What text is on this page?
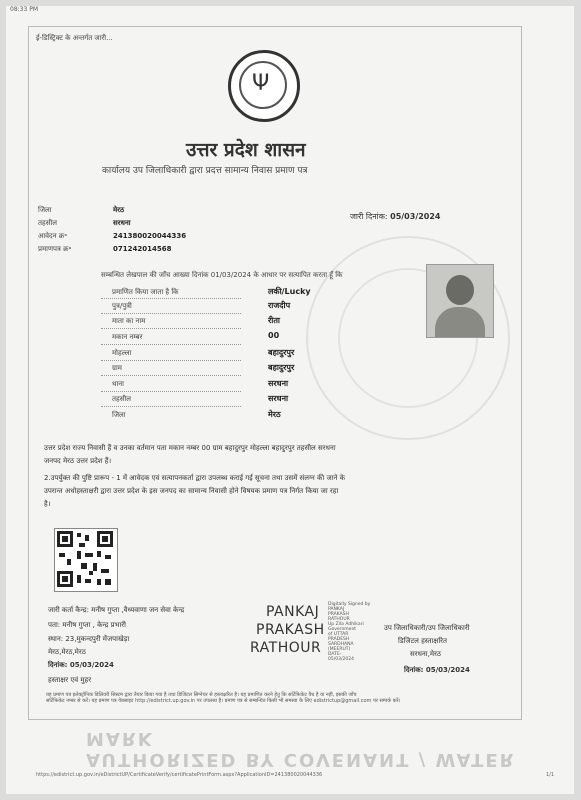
08:33 PM
ई-डिस्ट्रिक्ट के अन्तर्गत जारी...
Ψ
उत्तर प्रदेश शासन
कार्यालय उप जिलाधिकारी द्वारा प्रदत्त सामान्य निवास प्रमाण पत्र
जिला	मेरठ
तहसील	सरधना
आवेदन क्र॰	241380020044336
प्रमाणपत्र क्र॰	071242014568
जारी दिनांक: 05/03/2024
सम्बन्धित लेखपाल की जाँच आख्या दिनांक 01/03/2024 के आधार पर सत्यापित करता हूँ कि
प्रमाणित किया जाता है कि	लकी/Lucky
पुत्र/पुत्री	राजदीप
माता का नाम	रीता
मकान नम्बर	00
मोहल्ला	बहादुरपुर
ग्राम	बहादुरपुर
थाना	सरधना
तहसील	सरधना
जिला	मेरठ
उत्तर प्रदेश राज्य निवासी हैं व उनका वर्तमान पता मकान नम्बर 00 ग्राम बहादुरपुर मोहल्ला बहादुरपुर तहसील सरधना
जनपद मेरठ उत्तर प्रदेश हैं।
2.उपर्युक्त की पुष्टि प्रारूप - 1 में आवेदक एवं सत्यापनकर्ता द्वारा उपलब्ध कराई गई सूचना तथा उसमें संलग्न की जाने के
उपरान्त अधोहस्ताक्षरी द्वारा उत्तर प्रदेश के इस जनपद का सामान्य निवासी होने विषयक प्रमाण पत्र निर्गत किया जा रहा
है।
जारी कर्ता कैन्द्र: मनीष गुप्ता ,वैध्यवाणा जन सेवा केन्द्र
पता: मनीष गुप्ता , केन्द्र प्रभारी
स्थान: 23,मुकन्दपुरी मेंजपाखेड़ा
मेरठ,मेरठ,मेरठ
दिनांक: 05/03/2024
हस्ताक्षर एवं मुहर
PANKAJ
PRAKASH
RATHOUR
Digitally Signed by
PANKAJ
PRAKASH
RATHOUR
Up Zila Adhikari
Government
of UTTAR
PRADESH
SARDHANA
(MEERUT)
DATE-
05/03/2024
उप जिलाधिकारी/उप जिलाधिकारी
डिजिटल हस्ताक्षरित
सरधना,मेरठ
दिनांक: 05/03/2024
यह प्रमाण पत्र इलेक्ट्रॉनिक डिलिवरी सिस्टम द्वारा तैयार किया गया है तथा डिजिटल सिग्नेचर से हस्ताक्षरित है। यह प्रमाणित करने हेतु कि सर्टिफिकेट वैध है या नहीं, इसकी जाँच
सर्टिफिकेट नम्बर से करें। यह प्रमाण पत्र वेबसाइट http://edistrict.up.gov.in पर उपलब्ध है। प्रमाण पत्र से सम्बन्धित किसी भी समस्या के लिए edistrictup@gmail.com पर सम्पर्क करें।
AUTHORIZED BY COVENANT / WATER MARK
https://edistrict.up.gov.in/eDistrictUP/CertificateVerify/certificatePrintForm.aspx?ApplicationID=241380020044336	1/1
